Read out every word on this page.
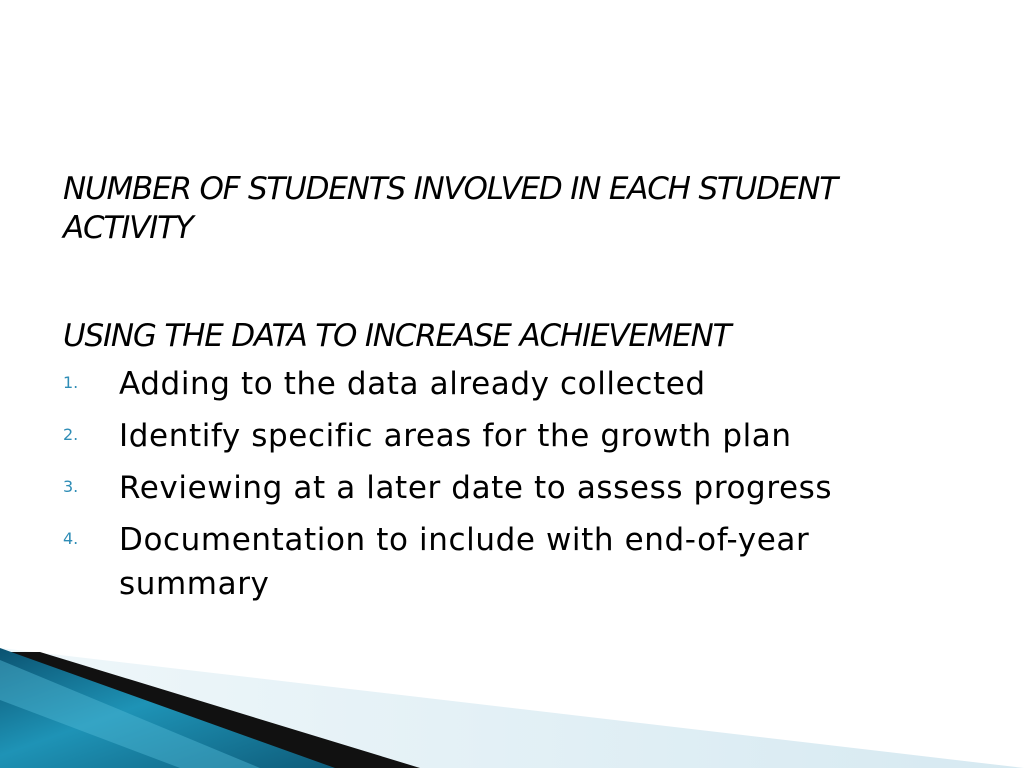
NUMBER OF STUDENTS INVOLVED IN EACH STUDENT ACTIVITY
USING THE DATA TO INCREASE ACHIEVEMENT
1. Adding to the data already collected
2. Identify specific areas for the growth plan
3. Reviewing at a later date to assess progress
4. Documentation to include with end-of-year summary
